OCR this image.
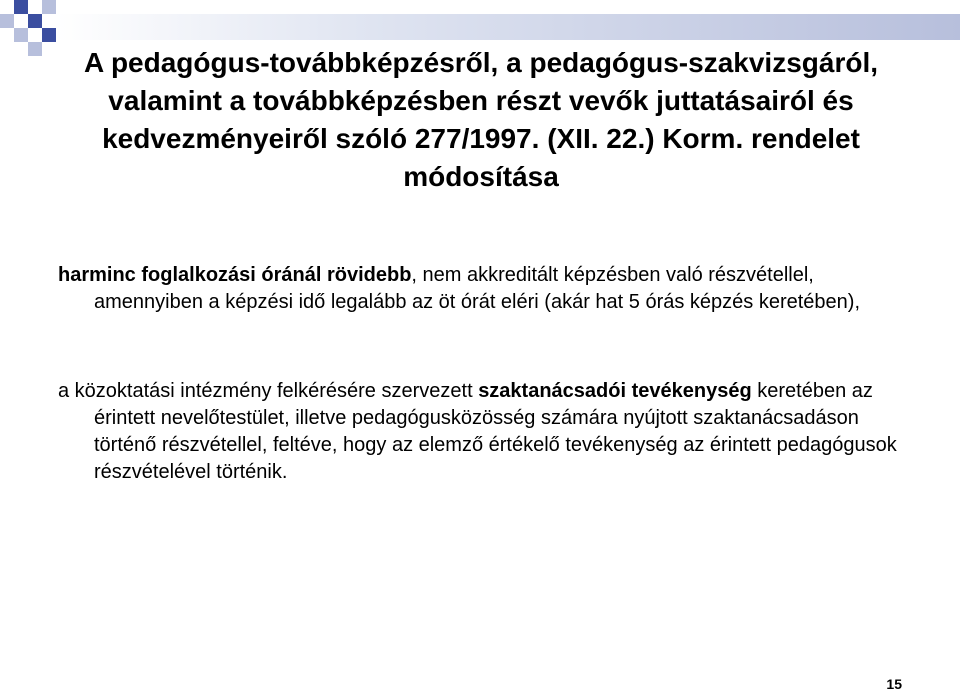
A pedagógus-továbbképzésről, a pedagógus-szakvizsgáról, valamint a továbbképzésben részt vevők juttatásairól és kedvezményeiről szóló 277/1997. (XII. 22.) Korm. rendelet módosítása
harminc foglalkozási óránál rövidebb, nem akkreditált képzésben való részvétellel, amennyiben a képzési idő legalább az öt órát eléri (akár hat 5 órás képzés keretében),
a közoktatási intézmény felkérésére szervezett szaktanácsadói tevékenység keretében az érintett nevelőtestület, illetve pedagógusközösség számára nyújtott szaktanácsadáson történő részvétellel, feltéve, hogy az elemző értékelő tevékenység az érintett pedagógusok részvételével történik.
15
